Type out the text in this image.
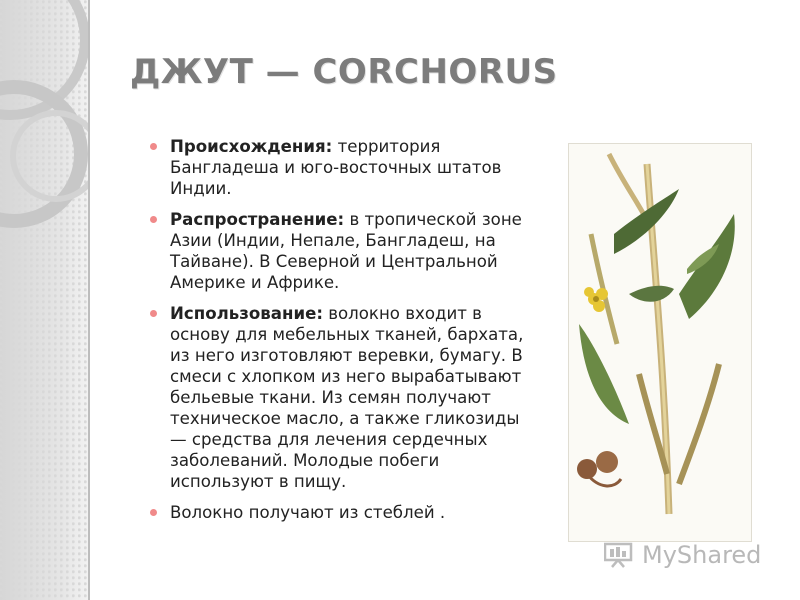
ДЖУТ — CORCHORUS
Происхождения: территория Бангладеша и юго-восточных штатов Индии.
Распространение: в тропической зоне Азии (Индии, Непале, Бангладеш, на Тайване). В Северной и Центральной Америке и Африке.
Использование: волокно входит в основу для мебельных тканей, бархата, из него изготовляют веревки, бумагу. В смеси с хлопком из него вырабатывают бельевые ткани. Из семян получают техническое масло, а также гликозиды — средства для лечения сердечных заболеваний. Молодые побеги используют в пищу.
Волокно получают из стеблей .
MyShared
